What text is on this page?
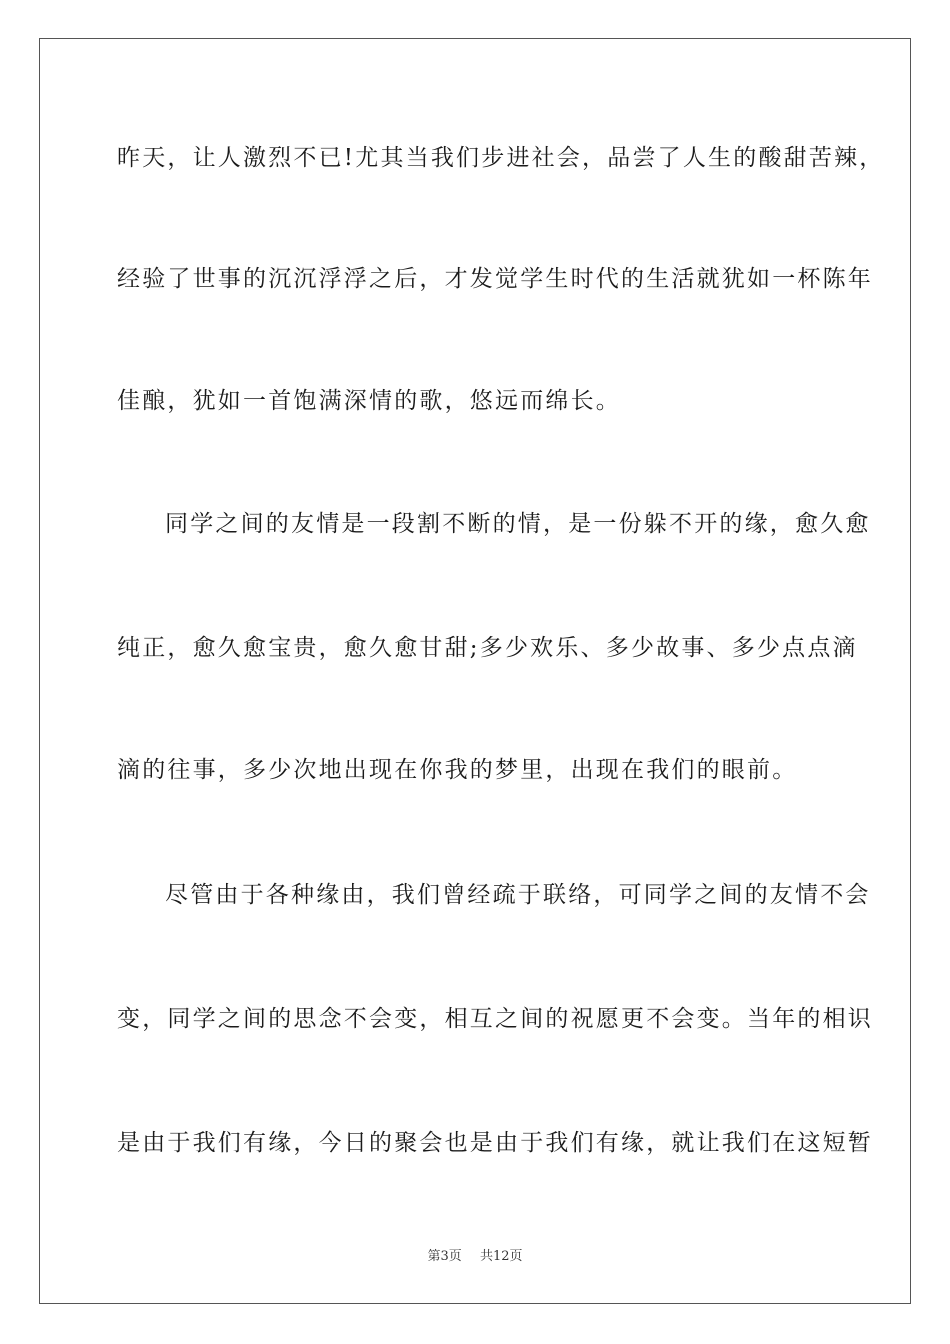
昨天，让人激烈不已!尤其当我们步进社会，品尝了人生的酸甜苦辣，
经验了世事的沉沉浮浮之后，才发觉学生时代的生活就犹如一杯陈年
佳酿，犹如一首饱满深情的歌，悠远而绵长。
同学之间的友情是一段割不断的情，是一份躲不开的缘，愈久愈
纯正，愈久愈宝贵，愈久愈甘甜;多少欢乐、多少故事、多少点点滴
滴的往事，多少次地出现在你我的梦里，出现在我们的眼前。
尽管由于各种缘由，我们曾经疏于联络，可同学之间的友情不会
变，同学之间的思念不会变，相互之间的祝愿更不会变。当年的相识
是由于我们有缘，今日的聚会也是由于我们有缘，就让我们在这短暂
第3页 共12页
